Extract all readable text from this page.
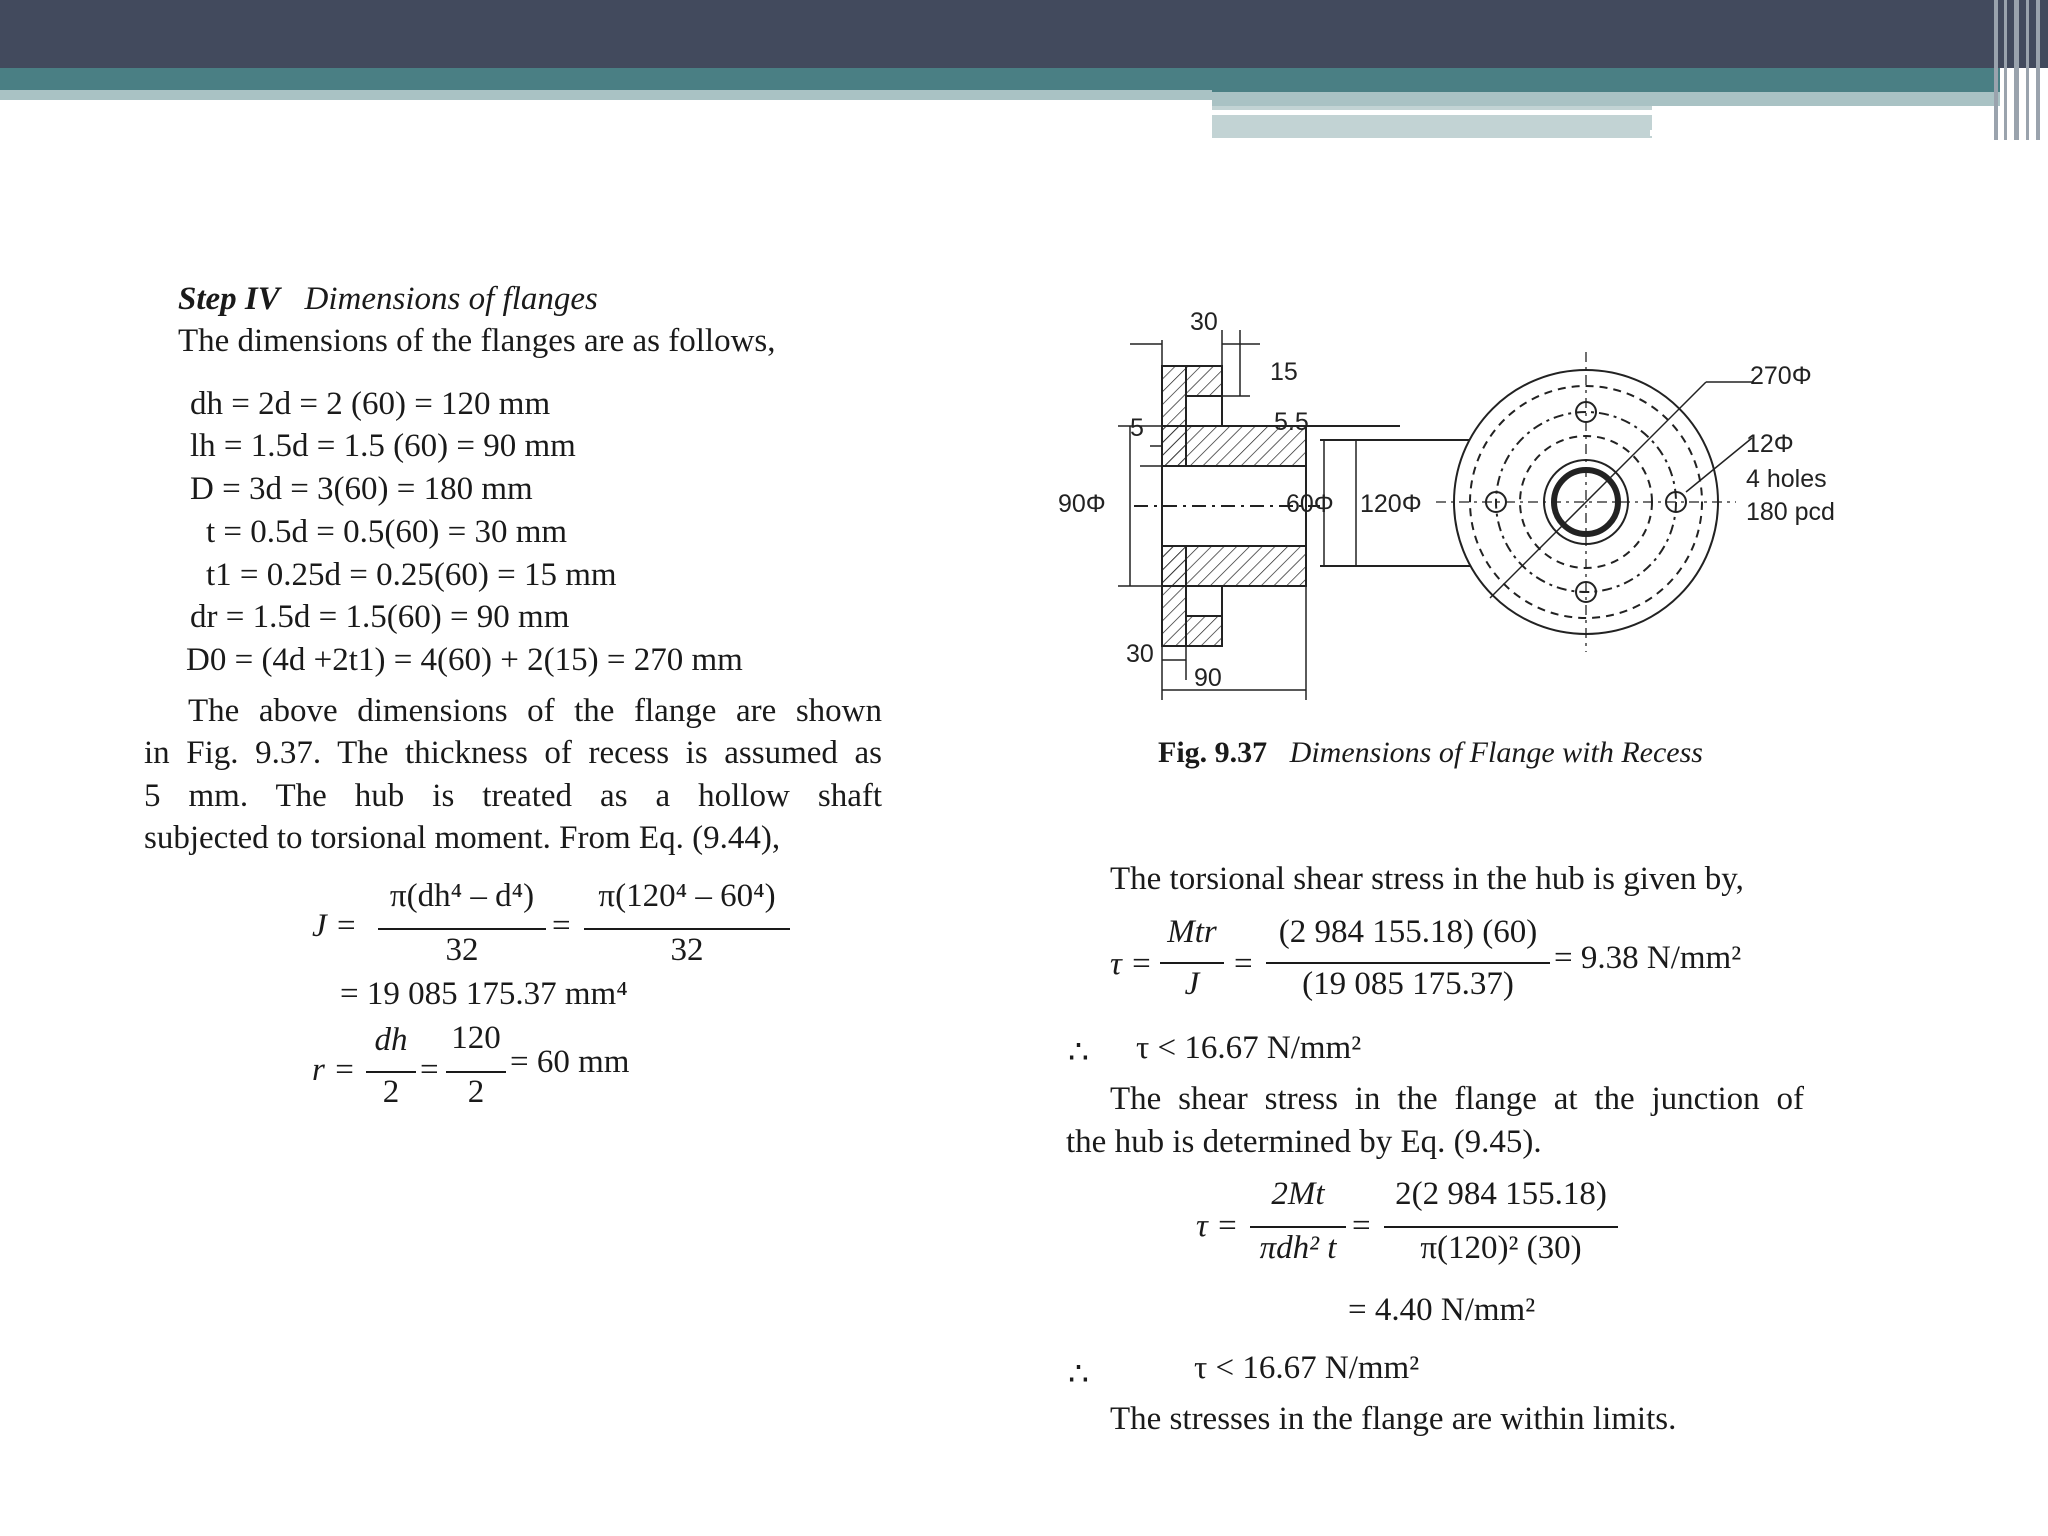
Step IV Dimensions of flanges
The dimensions of the flanges are as follows,
dh = 2d = 2 (60) = 120 mm
lh = 1.5d = 1.5 (60) = 90 mm
D = 3d = 3(60) = 180 mm
t = 0.5d = 0.5(60) = 30 mm
t1 = 0.25d = 0.25(60) = 15 mm
dr = 1.5d = 1.5(60) = 90 mm
D0 = (4d +2t1) = 4(60) + 2(15) = 270 mm
The above dimensions of the flange are shown
in Fig. 9.37. The thickness of recess is assumed as
5 mm. The hub is treated as a hollow shaft
subjected to torsional moment. From Eq. (9.44),
J =
π(dh⁴ – d⁴)
32
=
π(120⁴ – 60⁴)
32
= 19 085 175.37 mm⁴
r =
dh
2
=
120
2
= 60 mm
30
15
5	5.5
90Φ	60Φ 120Φ
30
90
270Φ
12Φ
4 holes
180 pcd
Fig. 9.37 Dimensions of Flange with Recess
The torsional shear stress in the hub is given by,
τ =
Mtr
J
=
(2 984 155.18) (60)
(19 085 175.37)
= 9.38 N/mm²
∴ τ < 16.67 N/mm²
The shear stress in the flange at the junction of
the hub is determined by Eq. (9.45).
τ =
2Mt
πdh² t
=
2(2 984 155.18)
π(120)² (30)
= 4.40 N/mm²
∴	τ < 16.67 N/mm²
The stresses in the flange are within limits.
